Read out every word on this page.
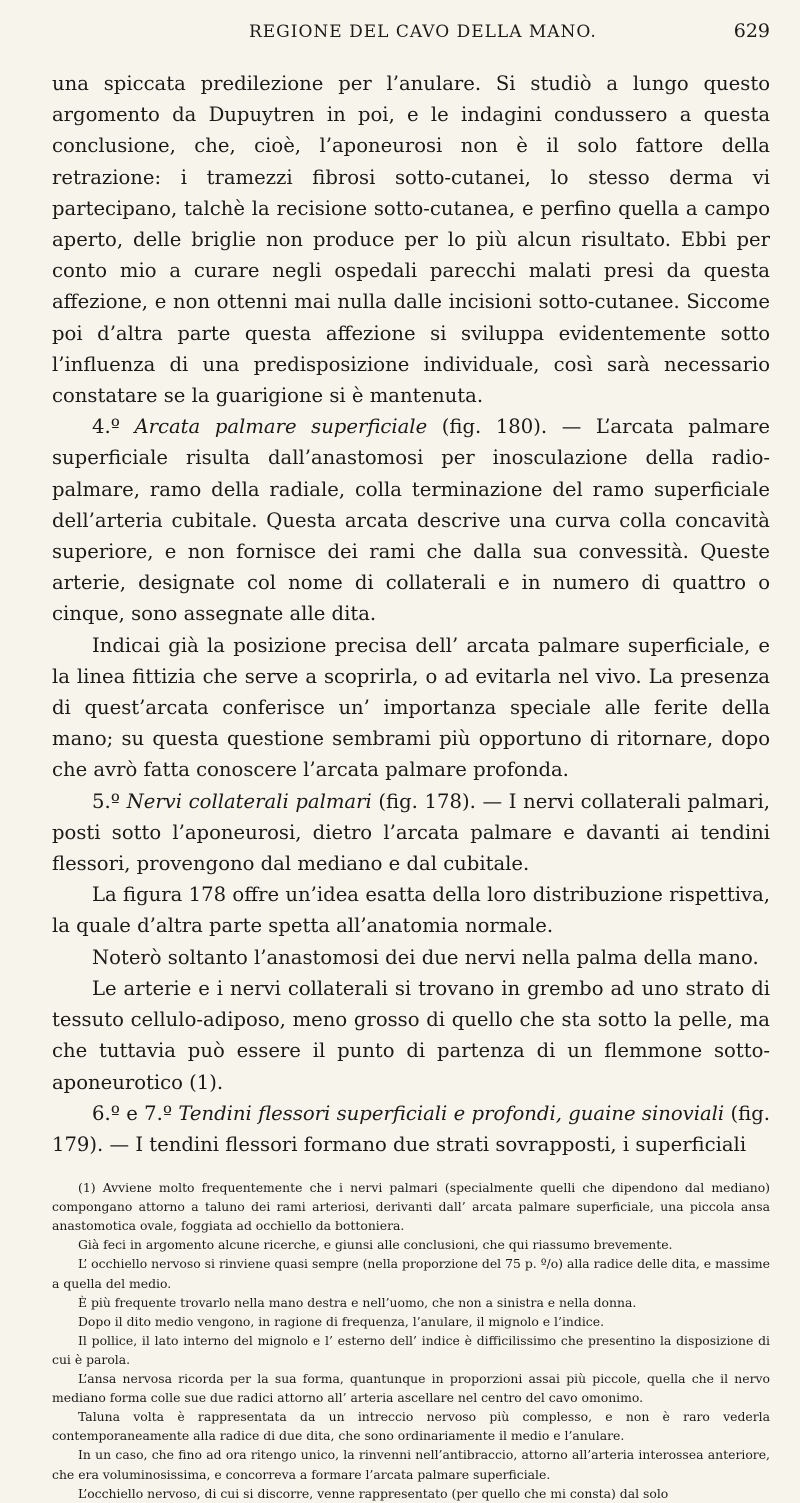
REGIONE DEL CAVO DELLA MANO.	629

una spiccata predilezione per l’anulare. Si studiò a lungo questo argomento da Dupuytren in poi, e le indagini condussero a questa conclusione, che, cioè, l’aponeurosi non è il solo fattore della retrazione: i tramezzi fibrosi sotto-cutanei, lo stesso derma vi partecipano, talchè la recisione sotto-cutanea, e perfino quella a campo aperto, delle briglie non produce per lo più alcun risultato. Ebbi per conto mio a curare negli ospedali parecchi malati presi da questa affezione, e non ottenni mai nulla dalle incisioni sotto-cutanee. Siccome poi d’altra parte questa affezione si sviluppa evidentemente sotto l’influenza di una predisposizione individuale, così sarà necessario constatare se la guarigione si è mantenuta.

4.º Arcata palmare superficiale (fig. 180). — L’arcata palmare superficiale risulta dall’anastomosi per inosculazione della radio-palmare, ramo della radiale, colla terminazione del ramo superficiale dell’arteria cubitale. Questa arcata descrive una curva colla concavità superiore, e non fornisce dei rami che dalla sua convessità. Queste arterie, designate col nome di collaterali e in numero di quattro o cinque, sono assegnate alle dita.

Indicai già la posizione precisa dell’ arcata palmare superficiale, e la linea fittizia che serve a scoprirla, o ad evitarla nel vivo. La presenza di quest’arcata conferisce un’ importanza speciale alle ferite della mano; su questa questione sembrami più opportuno di ritornare, dopo che avrò fatta conoscere l’arcata palmare profonda.

5.º Nervi collaterali palmari (fig. 178). — I nervi collaterali palmari, posti sotto l’aponeurosi, dietro l’arcata palmare e davanti ai tendini flessori, provengono dal mediano e dal cubitale.

La figura 178 offre un’idea esatta della loro distribuzione rispettiva, la quale d’altra parte spetta all’anatomia normale.

Noterò soltanto l’anastomosi dei due nervi nella palma della mano.

Le arterie e i nervi collaterali si trovano in grembo ad uno strato di tessuto cellulo-adiposo, meno grosso di quello che sta sotto la pelle, ma che tuttavia può essere il punto di partenza di un flemmone sotto-aponeurotico (1).

6.º e 7.º Tendini flessori superficiali e profondi, guaine sinoviali (fig. 179). — I tendini flessori formano due strati sovrapposti, i superficiali

(1) Avviene molto frequentemente che i nervi palmari (specialmente quelli che dipendono dal mediano) compongano attorno a taluno dei rami arteriosi, derivanti dall’ arcata palmare superficiale, una piccola ansa anastomotica ovale, foggiata ad occhiello da bottoniera.

Già feci in argomento alcune ricerche, e giunsi alle conclusioni, che qui riassumo brevemente.

L’ occhiello nervoso si rinviene quasi sempre (nella proporzione del 75 p. º/o) alla radice delle dita, e massime a quella del medio.

È più frequente trovarlo nella mano destra e nell’uomo, che non a sinistra e nella donna.

Dopo il dito medio vengono, in ragione di frequenza, l’anulare, il mignolo e l’indice.

Il pollice, il lato interno del mignolo e l’ esterno dell’ indice è difficilissimo che presentino la disposizione di cui è parola.

L’ansa nervosa ricorda per la sua forma, quantunque in proporzioni assai più piccole, quella che il nervo mediano forma colle sue due radici attorno all’ arteria ascellare nel centro del cavo omonimo.

Taluna volta è rappresentata da un intreccio nervoso più complesso, e non è raro vederla contemporaneamente alla radice di due dita, che sono ordinariamente il medio e l’anulare.

In un caso, che fino ad ora ritengo unico, la rinvenni nell’antibraccio, attorno all’arteria interossea anteriore, che era voluminosissima, e concorreva a formare l’arcata palmare superficiale.

L’occhiello nervoso, di cui si discorre, venne rappresentato (per quello che mi consta) dal solo
